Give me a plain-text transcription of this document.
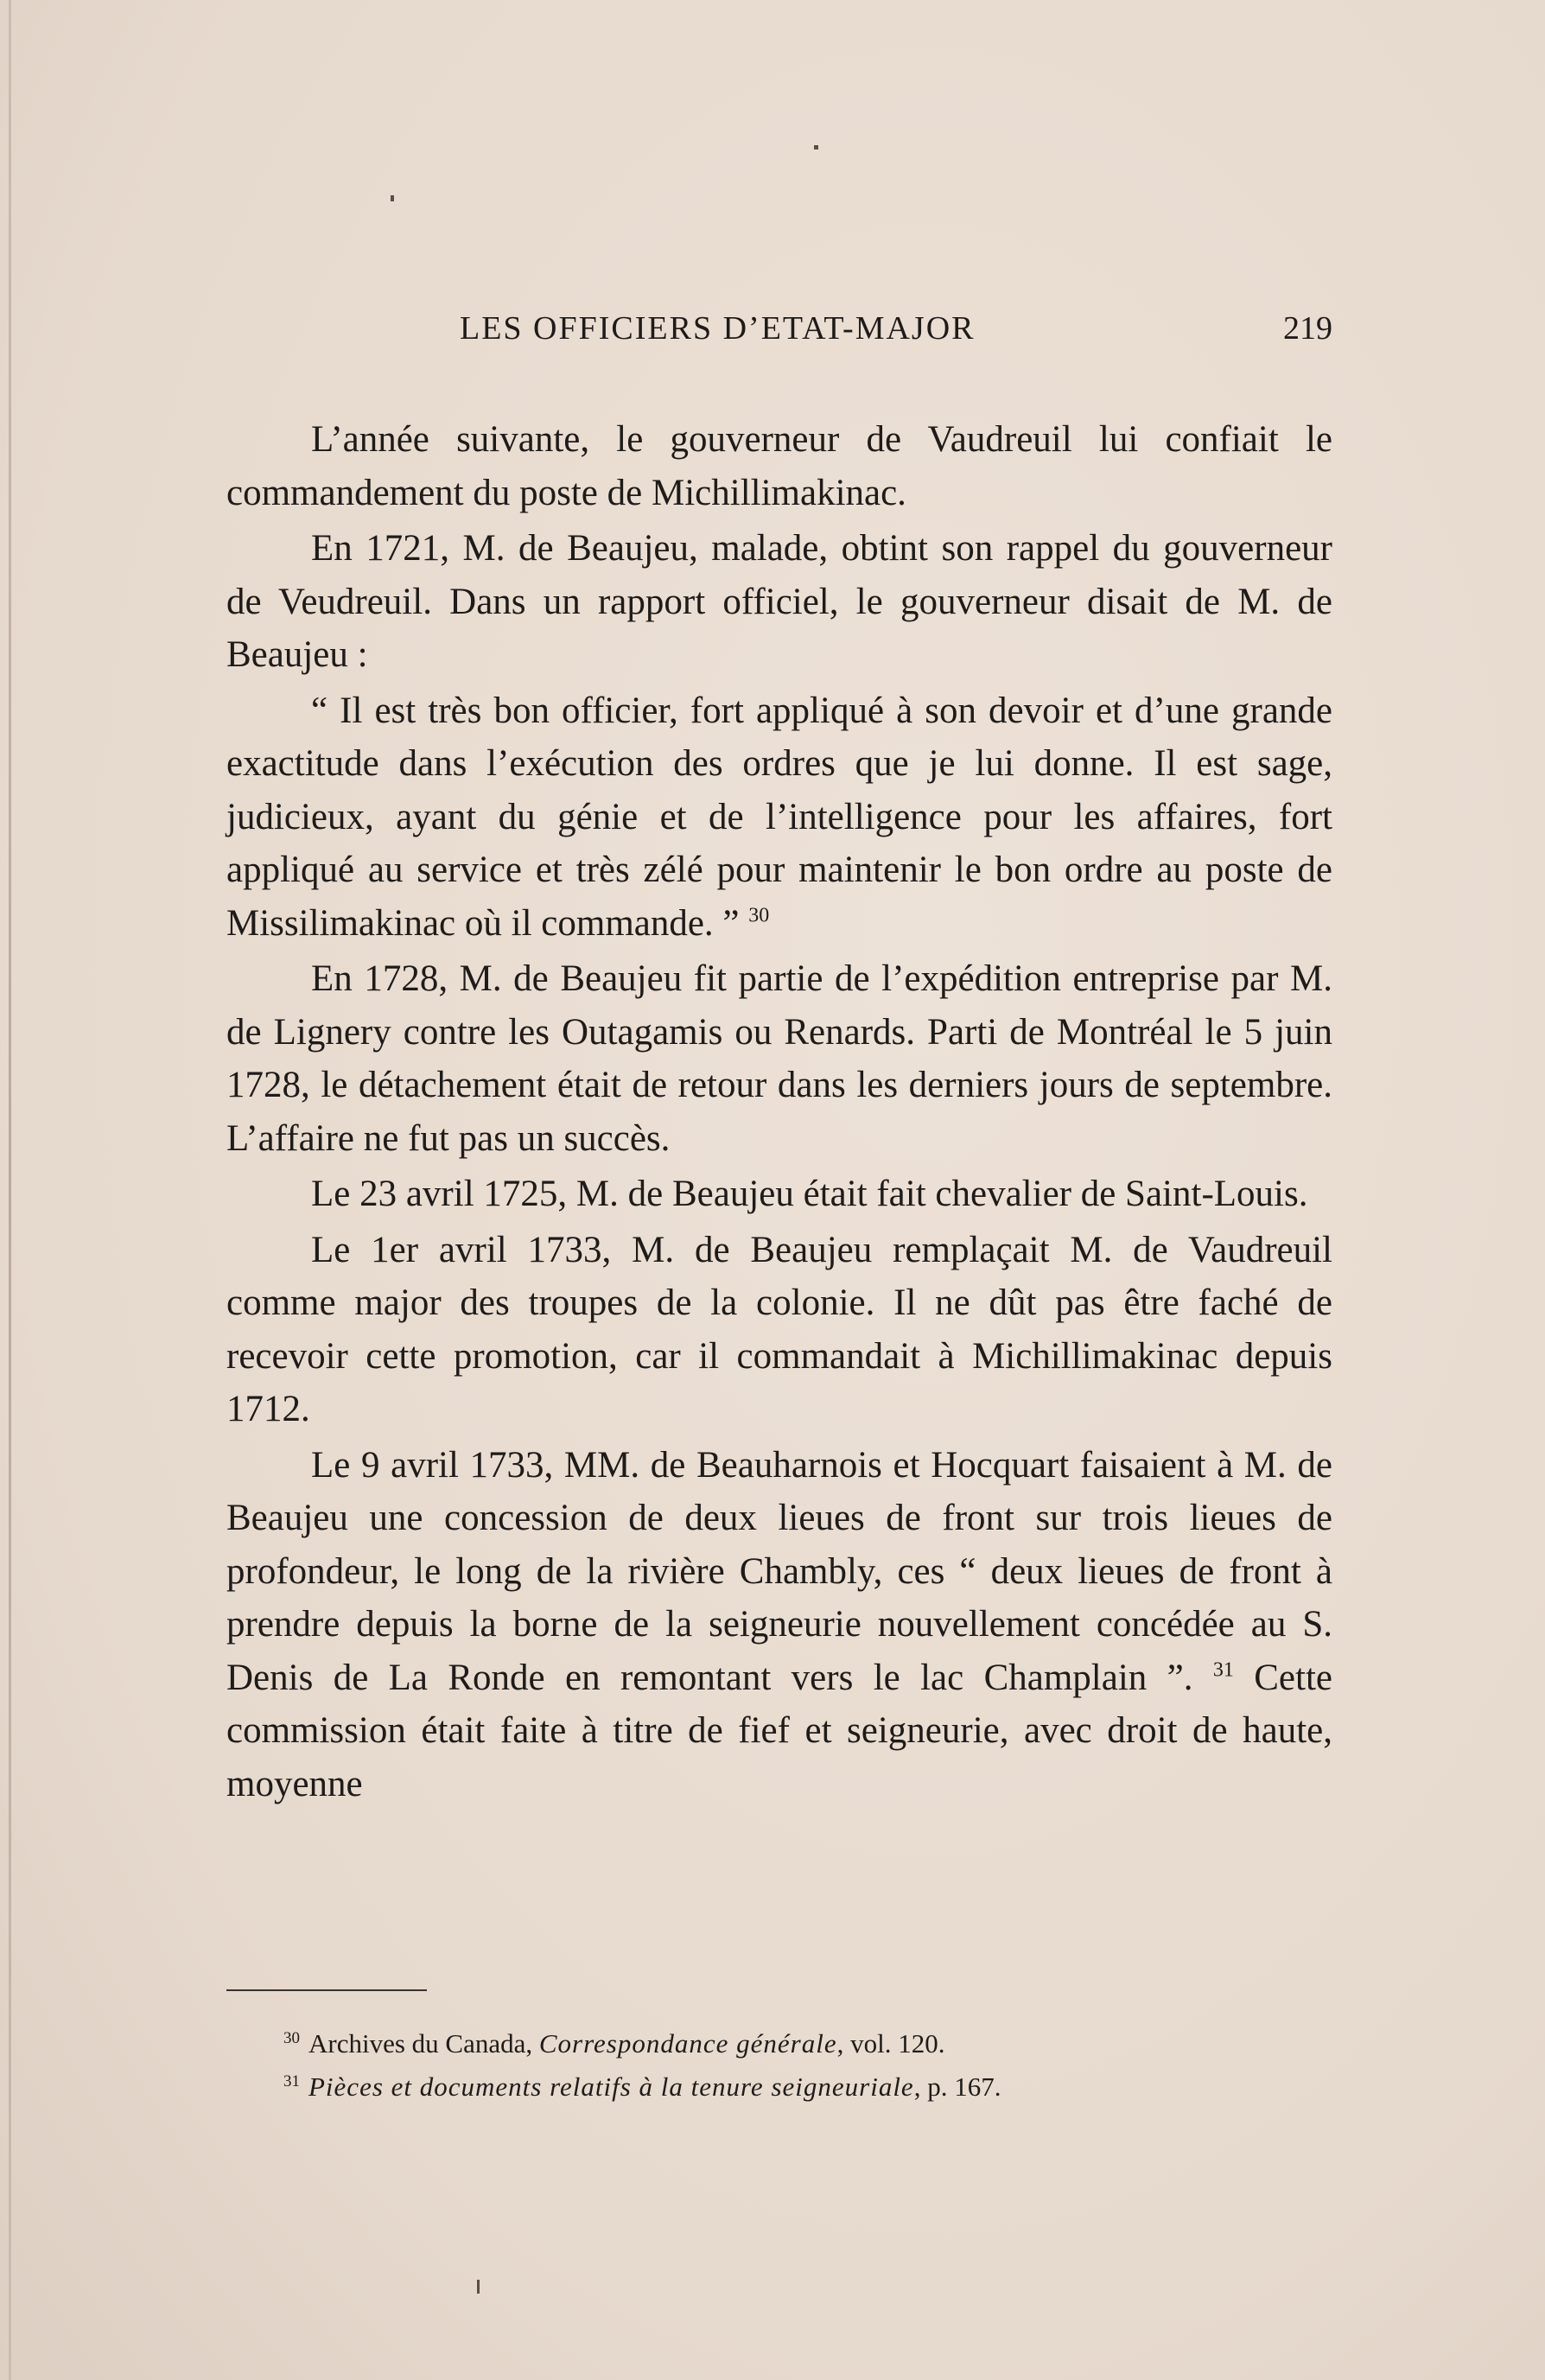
LES OFFICIERS D’ETAT-MAJOR	219

L’année suivante, le gouverneur de Vaudreuil lui confiait le commandement du poste de Michillimakinac.

En 1721, M. de Beaujeu, malade, obtint son rappel du gouverneur de Veudreuil. Dans un rapport officiel, le gouverneur disait de M. de Beaujeu :

“ Il est très bon officier, fort appliqué à son devoir et d’une grande exactitude dans l’exécution des ordres que je lui donne. Il est sage, judicieux, ayant du génie et de l’intelligence pour les affaires, fort appliqué au service et très zélé pour maintenir le bon ordre au poste de Missilimakinac où il commande. ” $^{30}$

En 1728, M. de Beaujeu fit partie de l’expédition entreprise par M. de Lignery contre les Outagamis ou Renards. Parti de Montréal le 5 juin 1728, le détachement était de retour dans les derniers jours de septembre. L’affaire ne fut pas un succès.

Le 23 avril 1725, M. de Beaujeu était fait chevalier de Saint-Louis.

Le 1er avril 1733, M. de Beaujeu remplaçait M. de Vaudreuil comme major des troupes de la colonie. Il ne dût pas être faché de recevoir cette promotion, car il commandait à Michillimakinac depuis 1712.

Le 9 avril 1733, MM. de Beauharnois et Hocquart faisaient à M. de Beaujeu une concession de deux lieues de front sur trois lieues de profondeur, le long de la rivière Chambly, ces “ deux lieues de front à prendre depuis la borne de la seigneurie nouvellement concédée au S. Denis de La Ronde en remontant vers le lac Champlain ”. $^{31}$ Cette commission était faite à titre de fief et seigneurie, avec droit de haute, moyenne

$^{30}$ Archives du Canada, Correspondance générale, vol. 120.
$^{31}$ Pièces et documents relatifs à la tenure seigneuriale, p. 167.
